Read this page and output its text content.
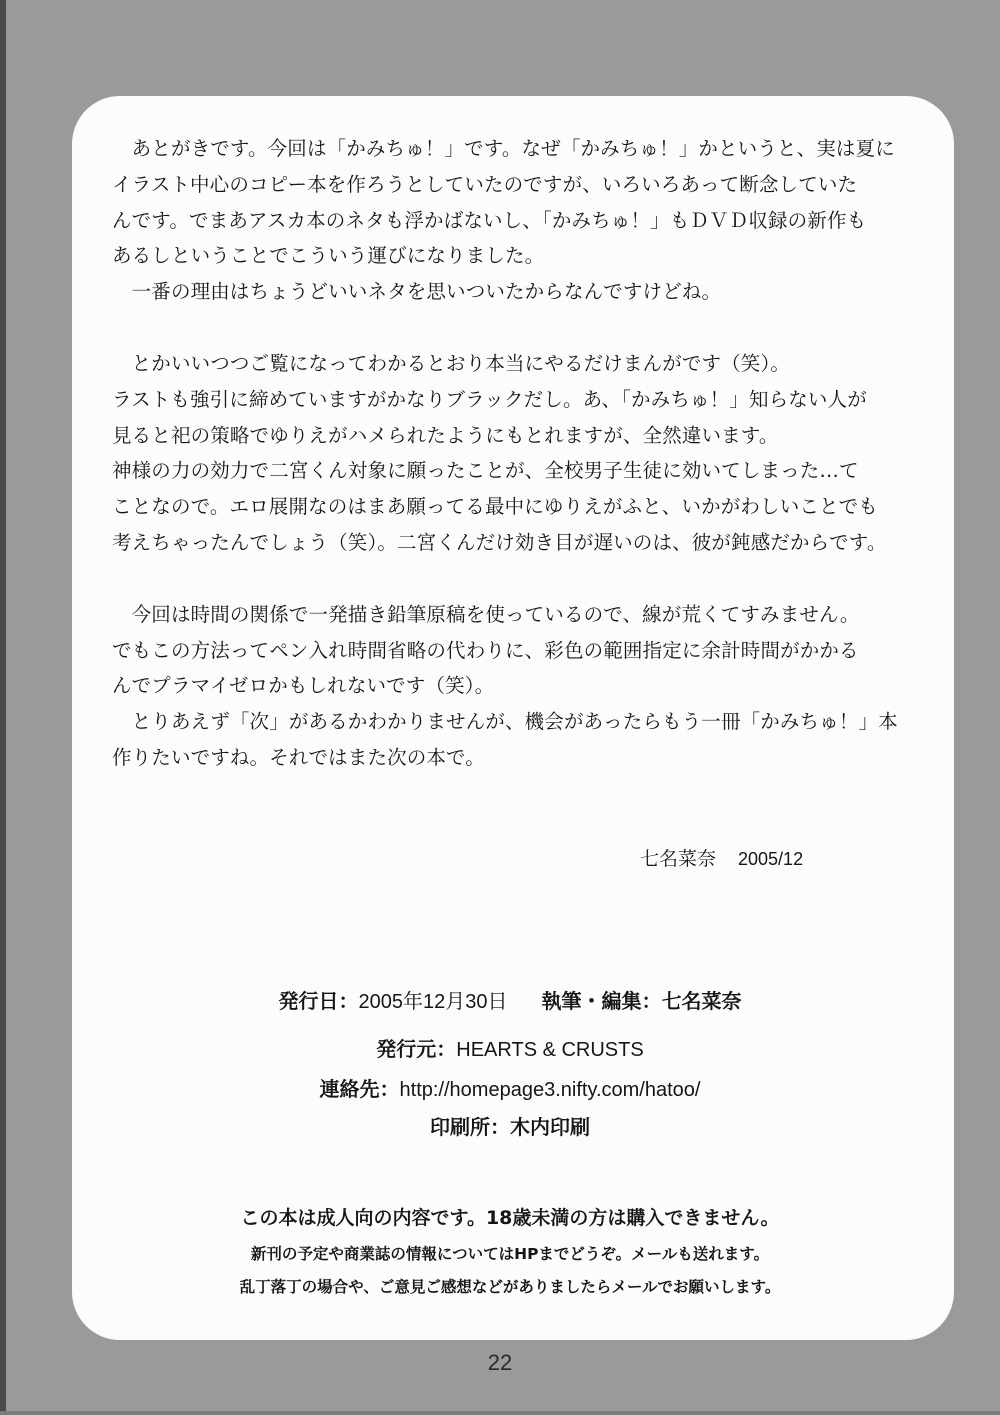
　あとがきです。今回は「かみちゅ！」です。なぜ「かみちゅ！」かというと、実は夏に
イラスト中心のコピー本を作ろうとしていたのですが、いろいろあって断念していた
んです。でまあアスカ本のネタも浮かばないし、「かみちゅ！」もＤＶＤ収録の新作も
あるしということでこういう運びになりました。
　一番の理由はちょうどいいネタを思いついたからなんですけどね。
　とかいいつつご覧になってわかるとおり本当にやるだけまんがです（笑）。
ラストも強引に締めていますがかなりブラックだし。あ、「かみちゅ！」知らない人が
見ると祀の策略でゆりえがハメられたようにもとれますが、全然違います。
神様の力の効力で二宮くん対象に願ったことが、全校男子生徒に効いてしまった…て
ことなので。エロ展開なのはまあ願ってる最中にゆりえがふと、いかがわしいことでも
考えちゃったんでしょう（笑）。二宮くんだけ効き目が遅いのは、彼が鈍感だからです。
　今回は時間の関係で一発描き鉛筆原稿を使っているので、線が荒くてすみません。
でもこの方法ってペン入れ時間省略の代わりに、彩色の範囲指定に余計時間がかかる
んでプラマイゼロかもしれないです（笑）。
　とりあえず「次」があるかわかりませんが、機会があったらもう一冊「かみちゅ！」本
作りたいですね。それではまた次の本で。
七名菜奈 2005/12
発行日：2005年12月30日 執筆・編集：七名菜奈
発行元：HEARTS & CRUSTS
連絡先：http://homepage3.nifty.com/hatoo/
印刷所：木内印刷
この本は成人向の内容です。18歳未満の方は購入できません。
新刊の予定や商業誌の情報についてはHPまでどうぞ。メールも送れます。
乱丁落丁の場合や、ご意見ご感想などがありましたらメールでお願いします。
22
